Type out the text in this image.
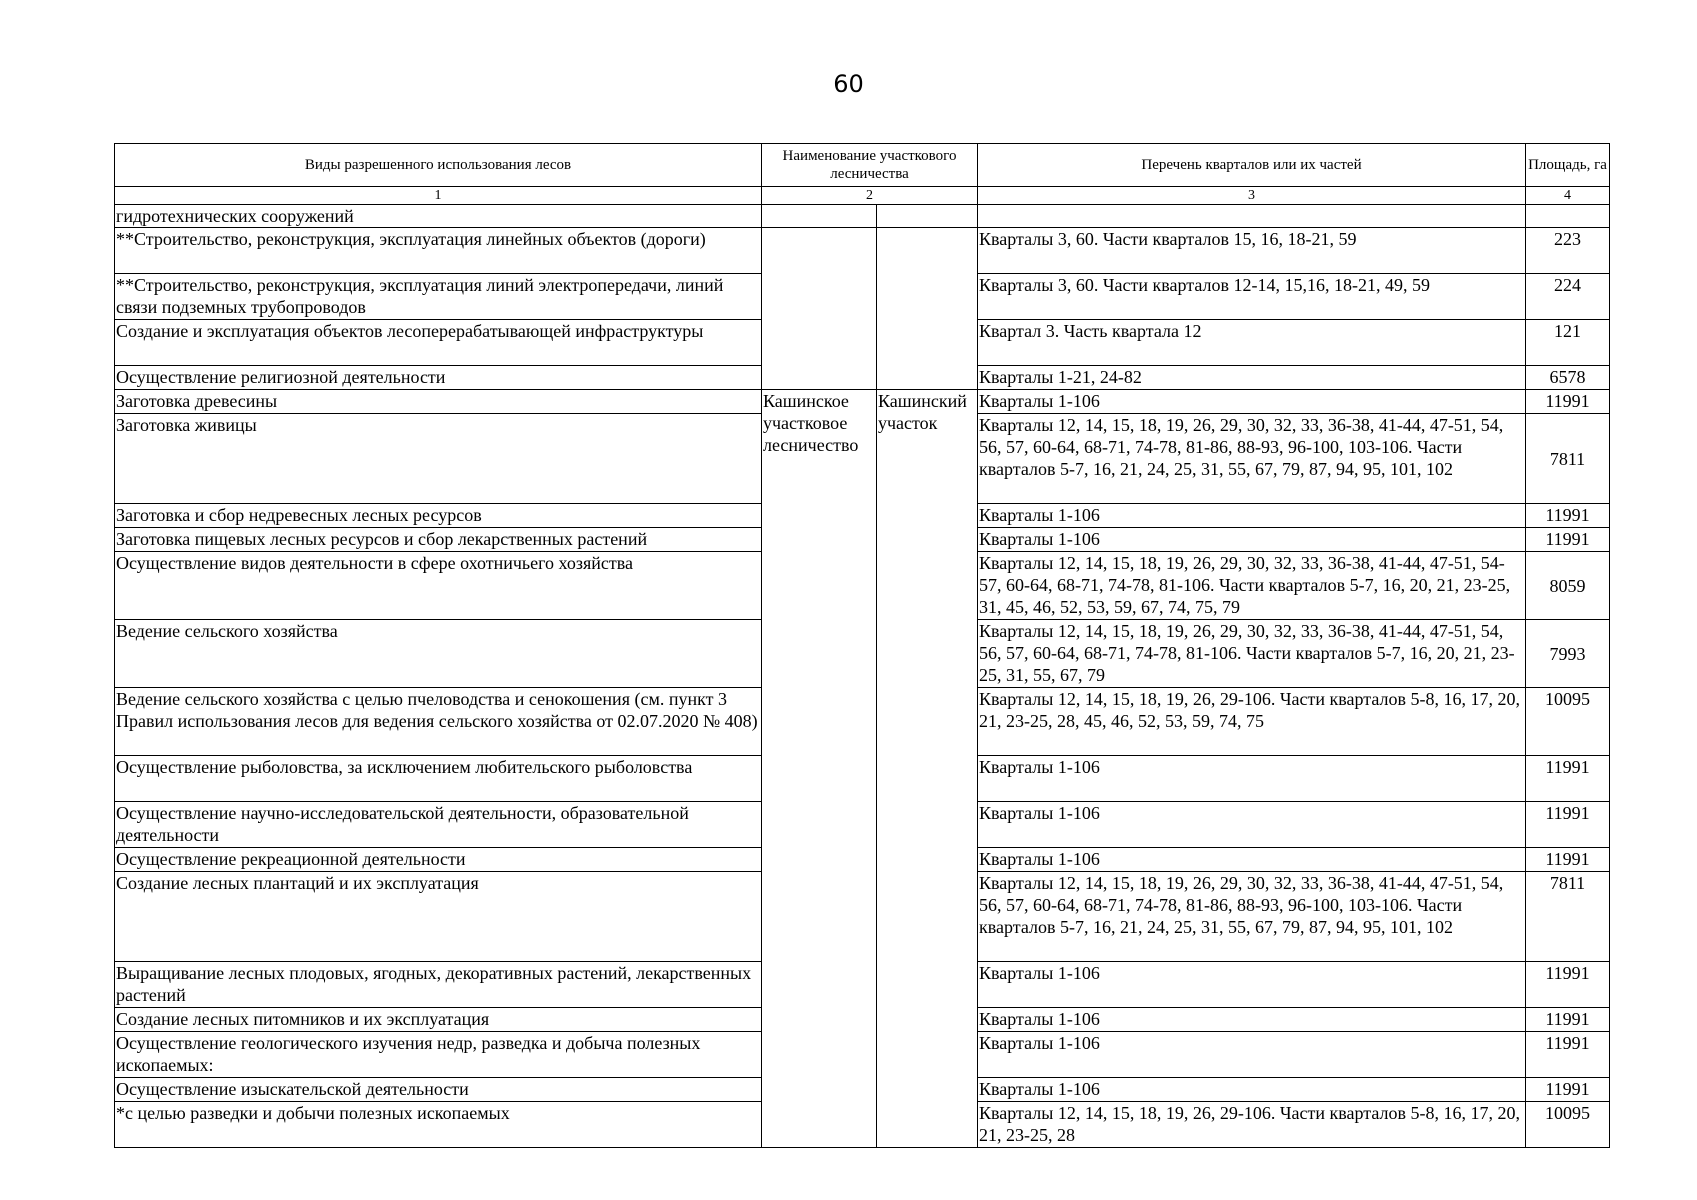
60
Виды разрешенного использования лесов	Наименование участкового лесничества		Перечень кварталов или их частей	Площадь, га
1	2		3	4
гидротехнических сооружений				
**Строительство, реконструкция, эксплуатация линейных объектов (дороги)			Кварталы 3, 60. Части кварталов 15, 16, 18-21, 59	223
**Строительство, реконструкция, эксплуатация линий электропередачи, линий связи подземных трубопроводов			Кварталы 3, 60. Части кварталов 12-14, 15,16, 18-21, 49, 59	224
Создание и эксплуатация объектов лесоперерабатывающей инфраструктуры			Квартал 3. Часть квартала 12	121
Осуществление религиозной деятельности			Кварталы 1-21, 24-82	6578
Заготовка древесины	Кашинское участковое лесничество	Кашинский участок	Кварталы 1-106	11991
Заготовка живицы			Кварталы 12, 14, 15, 18, 19, 26, 29, 30, 32, 33, 36-38, 41-44, 47-51, 54, 56, 57, 60-64, 68-71, 74-78, 81-86, 88-93, 96-100, 103-106. Части кварталов 5-7, 16, 21, 24, 25, 31, 55, 67, 79, 87, 94, 95, 101, 102	7811
Заготовка и сбор недревесных лесных ресурсов			Кварталы 1-106	11991
Заготовка пищевых лесных ресурсов и сбор лекарственных растений			Кварталы 1-106	11991
Осуществление видов деятельности в сфере охотничьего хозяйства			Кварталы 12, 14, 15, 18, 19, 26, 29, 30, 32, 33, 36-38, 41-44, 47-51, 54-57, 60-64, 68-71, 74-78, 81-106. Части кварталов 5-7, 16, 20, 21, 23-25, 31, 45, 46, 52, 53, 59, 67, 74, 75, 79	8059
Ведение сельского хозяйства			Кварталы 12, 14, 15, 18, 19, 26, 29, 30, 32, 33, 36-38, 41-44, 47-51, 54, 56, 57, 60-64, 68-71, 74-78, 81-106. Части кварталов 5-7, 16, 20, 21, 23-25, 31, 55, 67, 79	7993
Ведение сельского хозяйства с целью пчеловодства и сенокошения (см. пункт 3 Правил использования лесов для ведения сельского хозяйства от 02.07.2020 № 408)			Кварталы 12, 14, 15, 18, 19, 26, 29-106. Части кварталов 5-8, 16, 17, 20, 21, 23-25, 28, 45, 46, 52, 53, 59, 74, 75	10095
Осуществление рыболовства, за исключением любительского рыболовства			Кварталы 1-106	11991
Осуществление научно-исследовательской деятельности, образовательной деятельности			Кварталы 1-106	11991
Осуществление рекреационной деятельности			Кварталы 1-106	11991
Создание лесных плантаций и их эксплуатация			Кварталы 12, 14, 15, 18, 19, 26, 29, 30, 32, 33, 36-38, 41-44, 47-51, 54, 56, 57, 60-64, 68-71, 74-78, 81-86, 88-93, 96-100, 103-106. Части кварталов 5-7, 16, 21, 24, 25, 31, 55, 67, 79, 87, 94, 95, 101, 102	7811
Выращивание лесных плодовых, ягодных, декоративных растений, лекарственных растений			Кварталы 1-106	11991
Создание лесных питомников и их эксплуатация			Кварталы 1-106	11991
Осуществление геологического изучения недр, разведка и добыча полезных ископаемых:			Кварталы 1-106	11991
Осуществление изыскательской деятельности			Кварталы 1-106	11991
*с целью разведки и добычи полезных ископаемых			Кварталы 12, 14, 15, 18, 19, 26, 29-106. Части кварталов 5-8, 16, 17, 20, 21, 23-25, 28	10095
